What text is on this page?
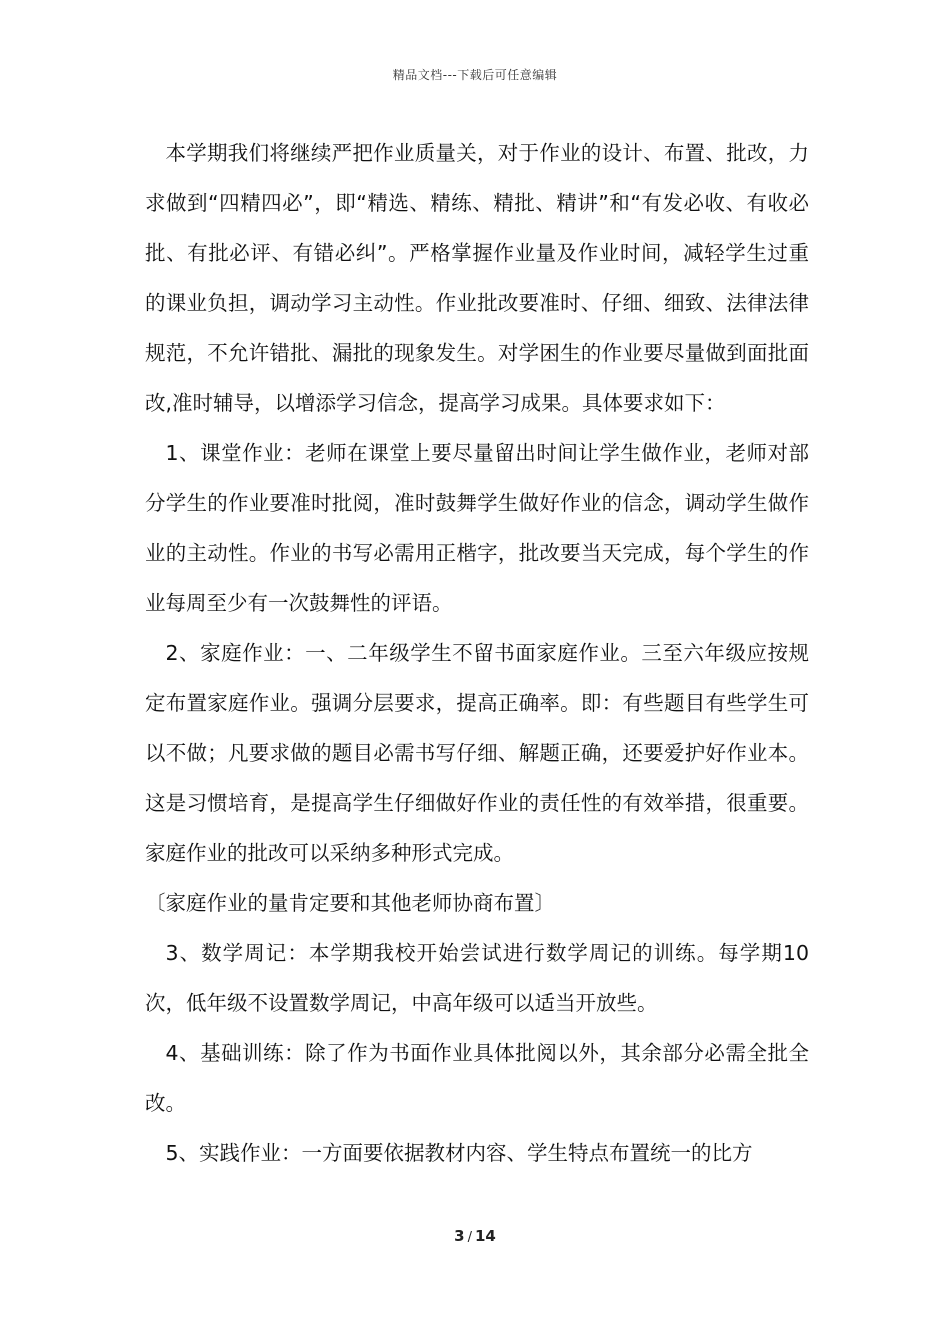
精品文档---下载后可任意编辑

本学期我们将继续严把作业质量关，对于作业的设计、布置、批改，力求做到“四精四必”，即“精选、精练、精批、精讲”和“有发必收、有收必批、有批必评、有错必纠”。严格掌握作业量及作业时间，减轻学生过重的课业负担，调动学习主动性。作业批改要准时、仔细、细致、法律法律规范，不允许错批、漏批的现象发生。对学困生的作业要尽量做到面批面改,准时辅导，以增添学习信念，提高学习成果。具体要求如下：

1、课堂作业：老师在课堂上要尽量留出时间让学生做作业，老师对部分学生的作业要准时批阅，准时鼓舞学生做好作业的信念，调动学生做作业的主动性。作业的书写必需用正楷字，批改要当天完成，每个学生的作业每周至少有一次鼓舞性的评语。

2、家庭作业：一、二年级学生不留书面家庭作业。三至六年级应按规定布置家庭作业。强调分层要求，提高正确率。即：有些题目有些学生可以不做；凡要求做的题目必需书写仔细、解题正确，还要爱护好作业本。这是习惯培育，是提高学生仔细做好作业的责任性的有效举措，很重要。家庭作业的批改可以采纳多种形式完成。

〔家庭作业的量肯定要和其他老师协商布置〕

3、数学周记：本学期我校开始尝试进行数学周记的训练。每学期10次，低年级不设置数学周记，中高年级可以适当开放些。

4、基础训练：除了作为书面作业具体批阅以外，其余部分必需全批全改。

5、实践作业：一方面要依据教材内容、学生特点布置统一的比方

3 / 14
